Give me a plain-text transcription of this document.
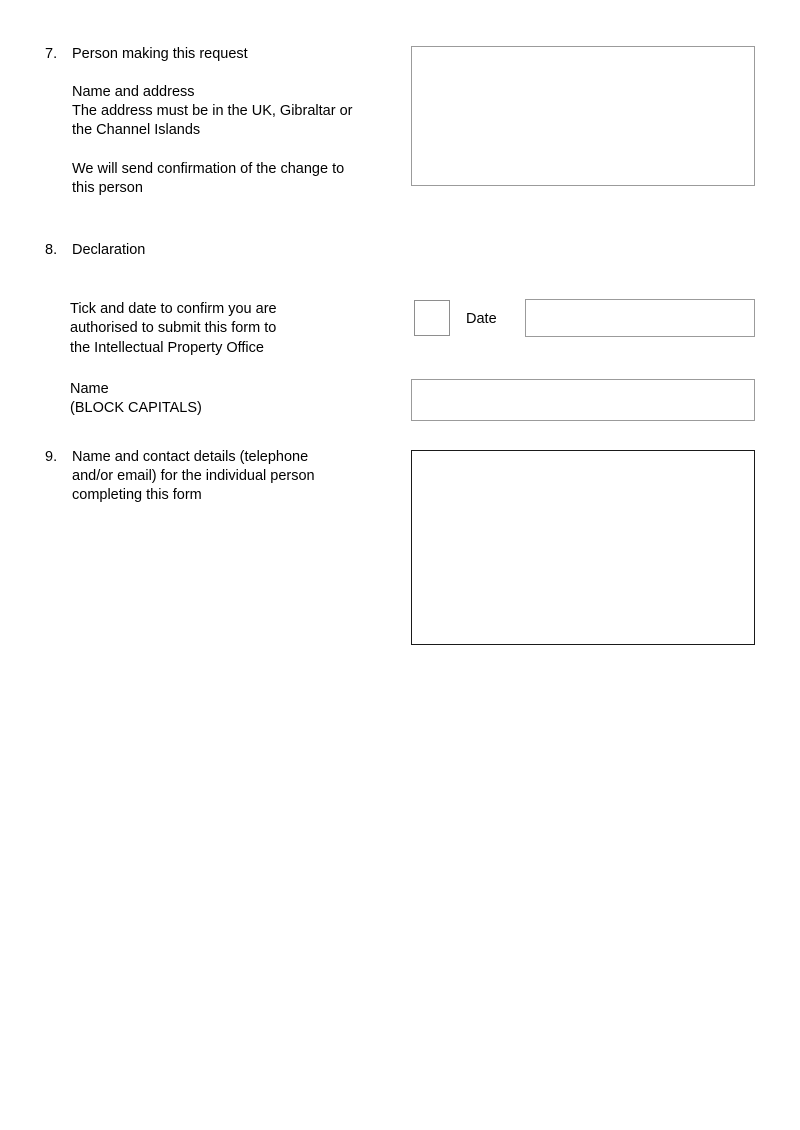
7. Person making this request
Name and address
The address must be in the UK, Gibraltar or
the Channel Islands
We will send confirmation of the change to
this person
8. Declaration
Tick and date to confirm you are
authorised to submit this form to
the Intellectual Property Office
Date
Name
(BLOCK CAPITALS)
9. Name and contact details (telephone
and/or email) for the individual person
completing this form
